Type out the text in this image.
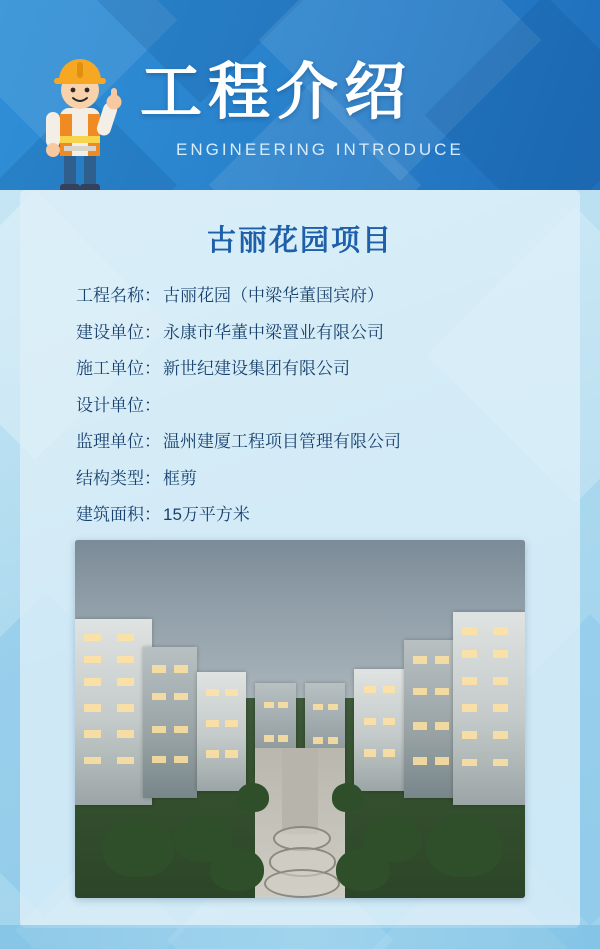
工程介绍
ENGINEERING INTRODUCE
古丽花园项目
工程名称 ： 古丽花园（中梁华董国宾府）
建设单位 ： 永康市华董中梁置业有限公司
施工单位 ： 新世纪建设集团有限公司
设计单位 ：
监理单位 ： 温州建厦工程项目管理有限公司
结构类型 ： 框剪
建筑面积 ： 15万平方米
